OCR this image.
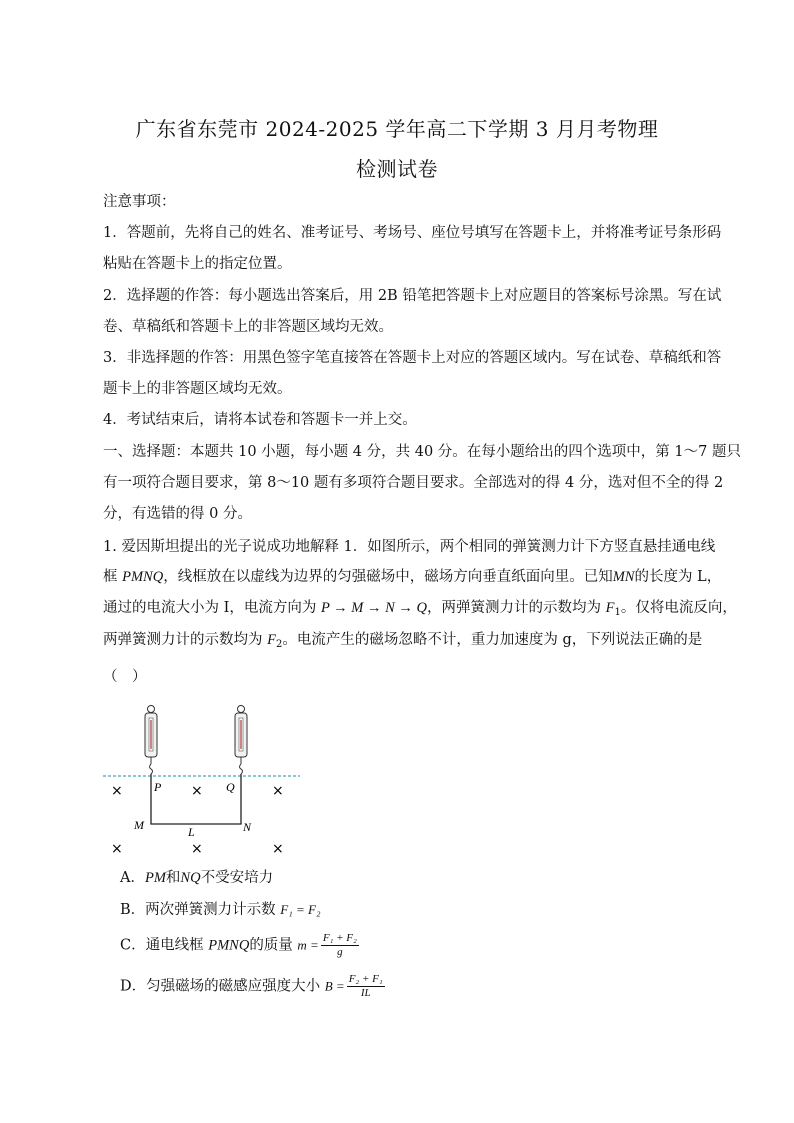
广东省东莞市 2024-2025 学年高二下学期 3 月月考物理
检测试卷
注意事项：
1．答题前，先将自己的姓名、准考证号、考场号、座位号填写在答题卡上，并将准考证号条形码
粘贴在答题卡上的指定位置。
2．选择题的作答：每小题选出答案后，用 2B 铅笔把答题卡上对应题目的答案标号涂黑。写在试
卷、草稿纸和答题卡上的非答题区域均无效。
3．非选择题的作答：用黑色签字笔直接答在答题卡上对应的答题区域内。写在试卷、草稿纸和答
题卡上的非答题区域均无效。
4．考试结束后，请将本试卷和答题卡一并上交。
一、选择题：本题共 10 小题，每小题 4 分，共 40 分。在每小题给出的四个选项中，第 1～7 题只
有一项符合题目要求，第 8～10 题有多项符合题目要求。全部选对的得 4 分，选对但不全的得 2
分，有选错的得 0 分。
1. 爱因斯坦提出的光子说成功地解释 1．如图所示，两个相同的弹簧测力计下方竖直悬挂通电线
框 PMNQ，线框放在以虚线为边界的匀强磁场中，磁场方向垂直纸面向里。已知MN的长度为 L，
通过的电流大小为 I，电流方向为 P → M → N → Q，两弹簧测力计的示数均为 $F_1$。仅将电流反向，
两弹簧测力计的示数均为 $F_2$。电流产生的磁场忽略不计，重力加速度为 g，下列说法正确的是
（　）
P	Q
M	N
L
×	×	×
×	×	×
A．PM和NQ不受安培力
B．两次弹簧测力计示数 F₁ = F₂
C．通电线框 PMNQ的质量 $m = \frac{\text{F₁ + F₂}}{g}$
D．匀强磁场的磁感应强度大小 $B = \frac{\text{F₂ + F₁}}{IL}$
